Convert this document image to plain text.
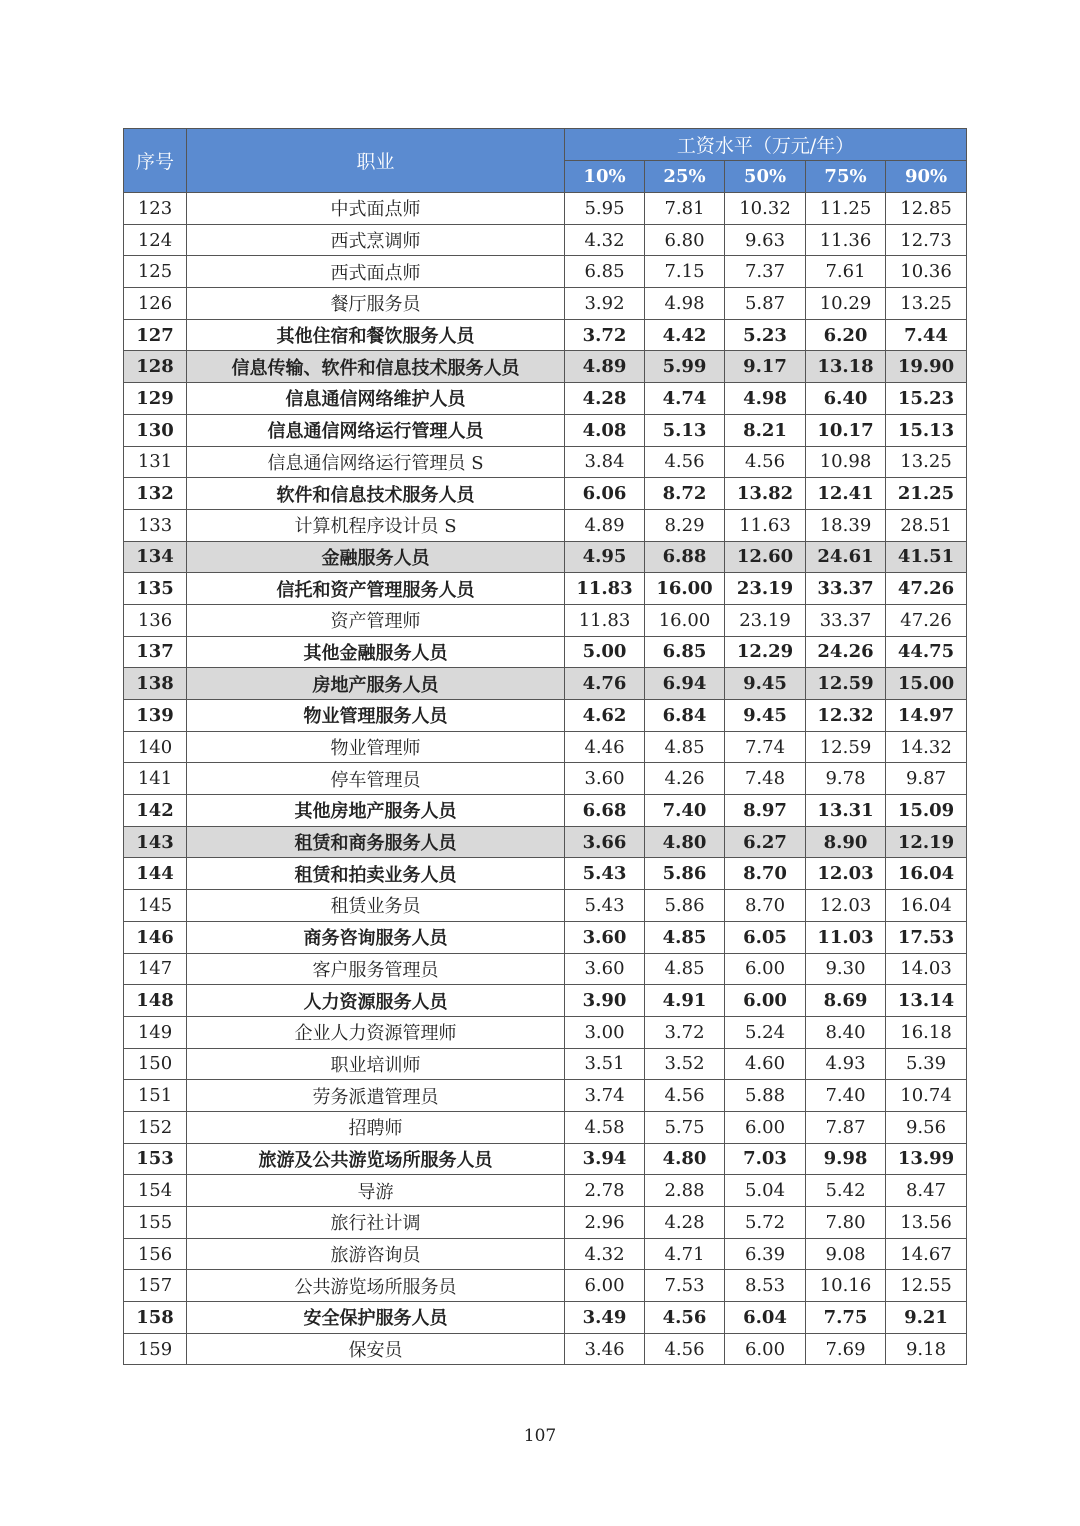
序号	职业	工资水平（万元/年）				
		10%	25%	50%	75%	90%
123	中式面点师	5.95	7.81	10.32	11.25	12.85
124	西式烹调师	4.32	6.80	9.63	11.36	12.73
125	西式面点师	6.85	7.15	7.37	7.61	10.36
126	餐厅服务员	3.92	4.98	5.87	10.29	13.25
127	其他住宿和餐饮服务人员	3.72	4.42	5.23	6.20	7.44
128	信息传输、软件和信息技术服务人员	4.89	5.99	9.17	13.18	19.90
129	信息通信网络维护人员	4.28	4.74	4.98	6.40	15.23
130	信息通信网络运行管理人员	4.08	5.13	8.21	10.17	15.13
131	信息通信网络运行管理员 S	3.84	4.56	4.56	10.98	13.25
132	软件和信息技术服务人员	6.06	8.72	13.82	12.41	21.25
133	计算机程序设计员 S	4.89	8.29	11.63	18.39	28.51
134	金融服务人员	4.95	6.88	12.60	24.61	41.51
135	信托和资产管理服务人员	11.83	16.00	23.19	33.37	47.26
136	资产管理师	11.83	16.00	23.19	33.37	47.26
137	其他金融服务人员	5.00	6.85	12.29	24.26	44.75
138	房地产服务人员	4.76	6.94	9.45	12.59	15.00
139	物业管理服务人员	4.62	6.84	9.45	12.32	14.97
140	物业管理师	4.46	4.85	7.74	12.59	14.32
141	停车管理员	3.60	4.26	7.48	9.78	9.87
142	其他房地产服务人员	6.68	7.40	8.97	13.31	15.09
143	租赁和商务服务人员	3.66	4.80	6.27	8.90	12.19
144	租赁和拍卖业务人员	5.43	5.86	8.70	12.03	16.04
145	租赁业务员	5.43	5.86	8.70	12.03	16.04
146	商务咨询服务人员	3.60	4.85	6.05	11.03	17.53
147	客户服务管理员	3.60	4.85	6.00	9.30	14.03
148	人力资源服务人员	3.90	4.91	6.00	8.69	13.14
149	企业人力资源管理师	3.00	3.72	5.24	8.40	16.18
150	职业培训师	3.51	3.52	4.60	4.93	5.39
151	劳务派遣管理员	3.74	4.56	5.88	7.40	10.74
152	招聘师	4.58	5.75	6.00	7.87	9.56
153	旅游及公共游览场所服务人员	3.94	4.80	7.03	9.98	13.99
154	导游	2.78	2.88	5.04	5.42	8.47
155	旅行社计调	2.96	4.28	5.72	7.80	13.56
156	旅游咨询员	4.32	4.71	6.39	9.08	14.67
157	公共游览场所服务员	6.00	7.53	8.53	10.16	12.55
158	安全保护服务人员	3.49	4.56	6.04	7.75	9.21
159	保安员	3.46	4.56	6.00	7.69	9.18
107
